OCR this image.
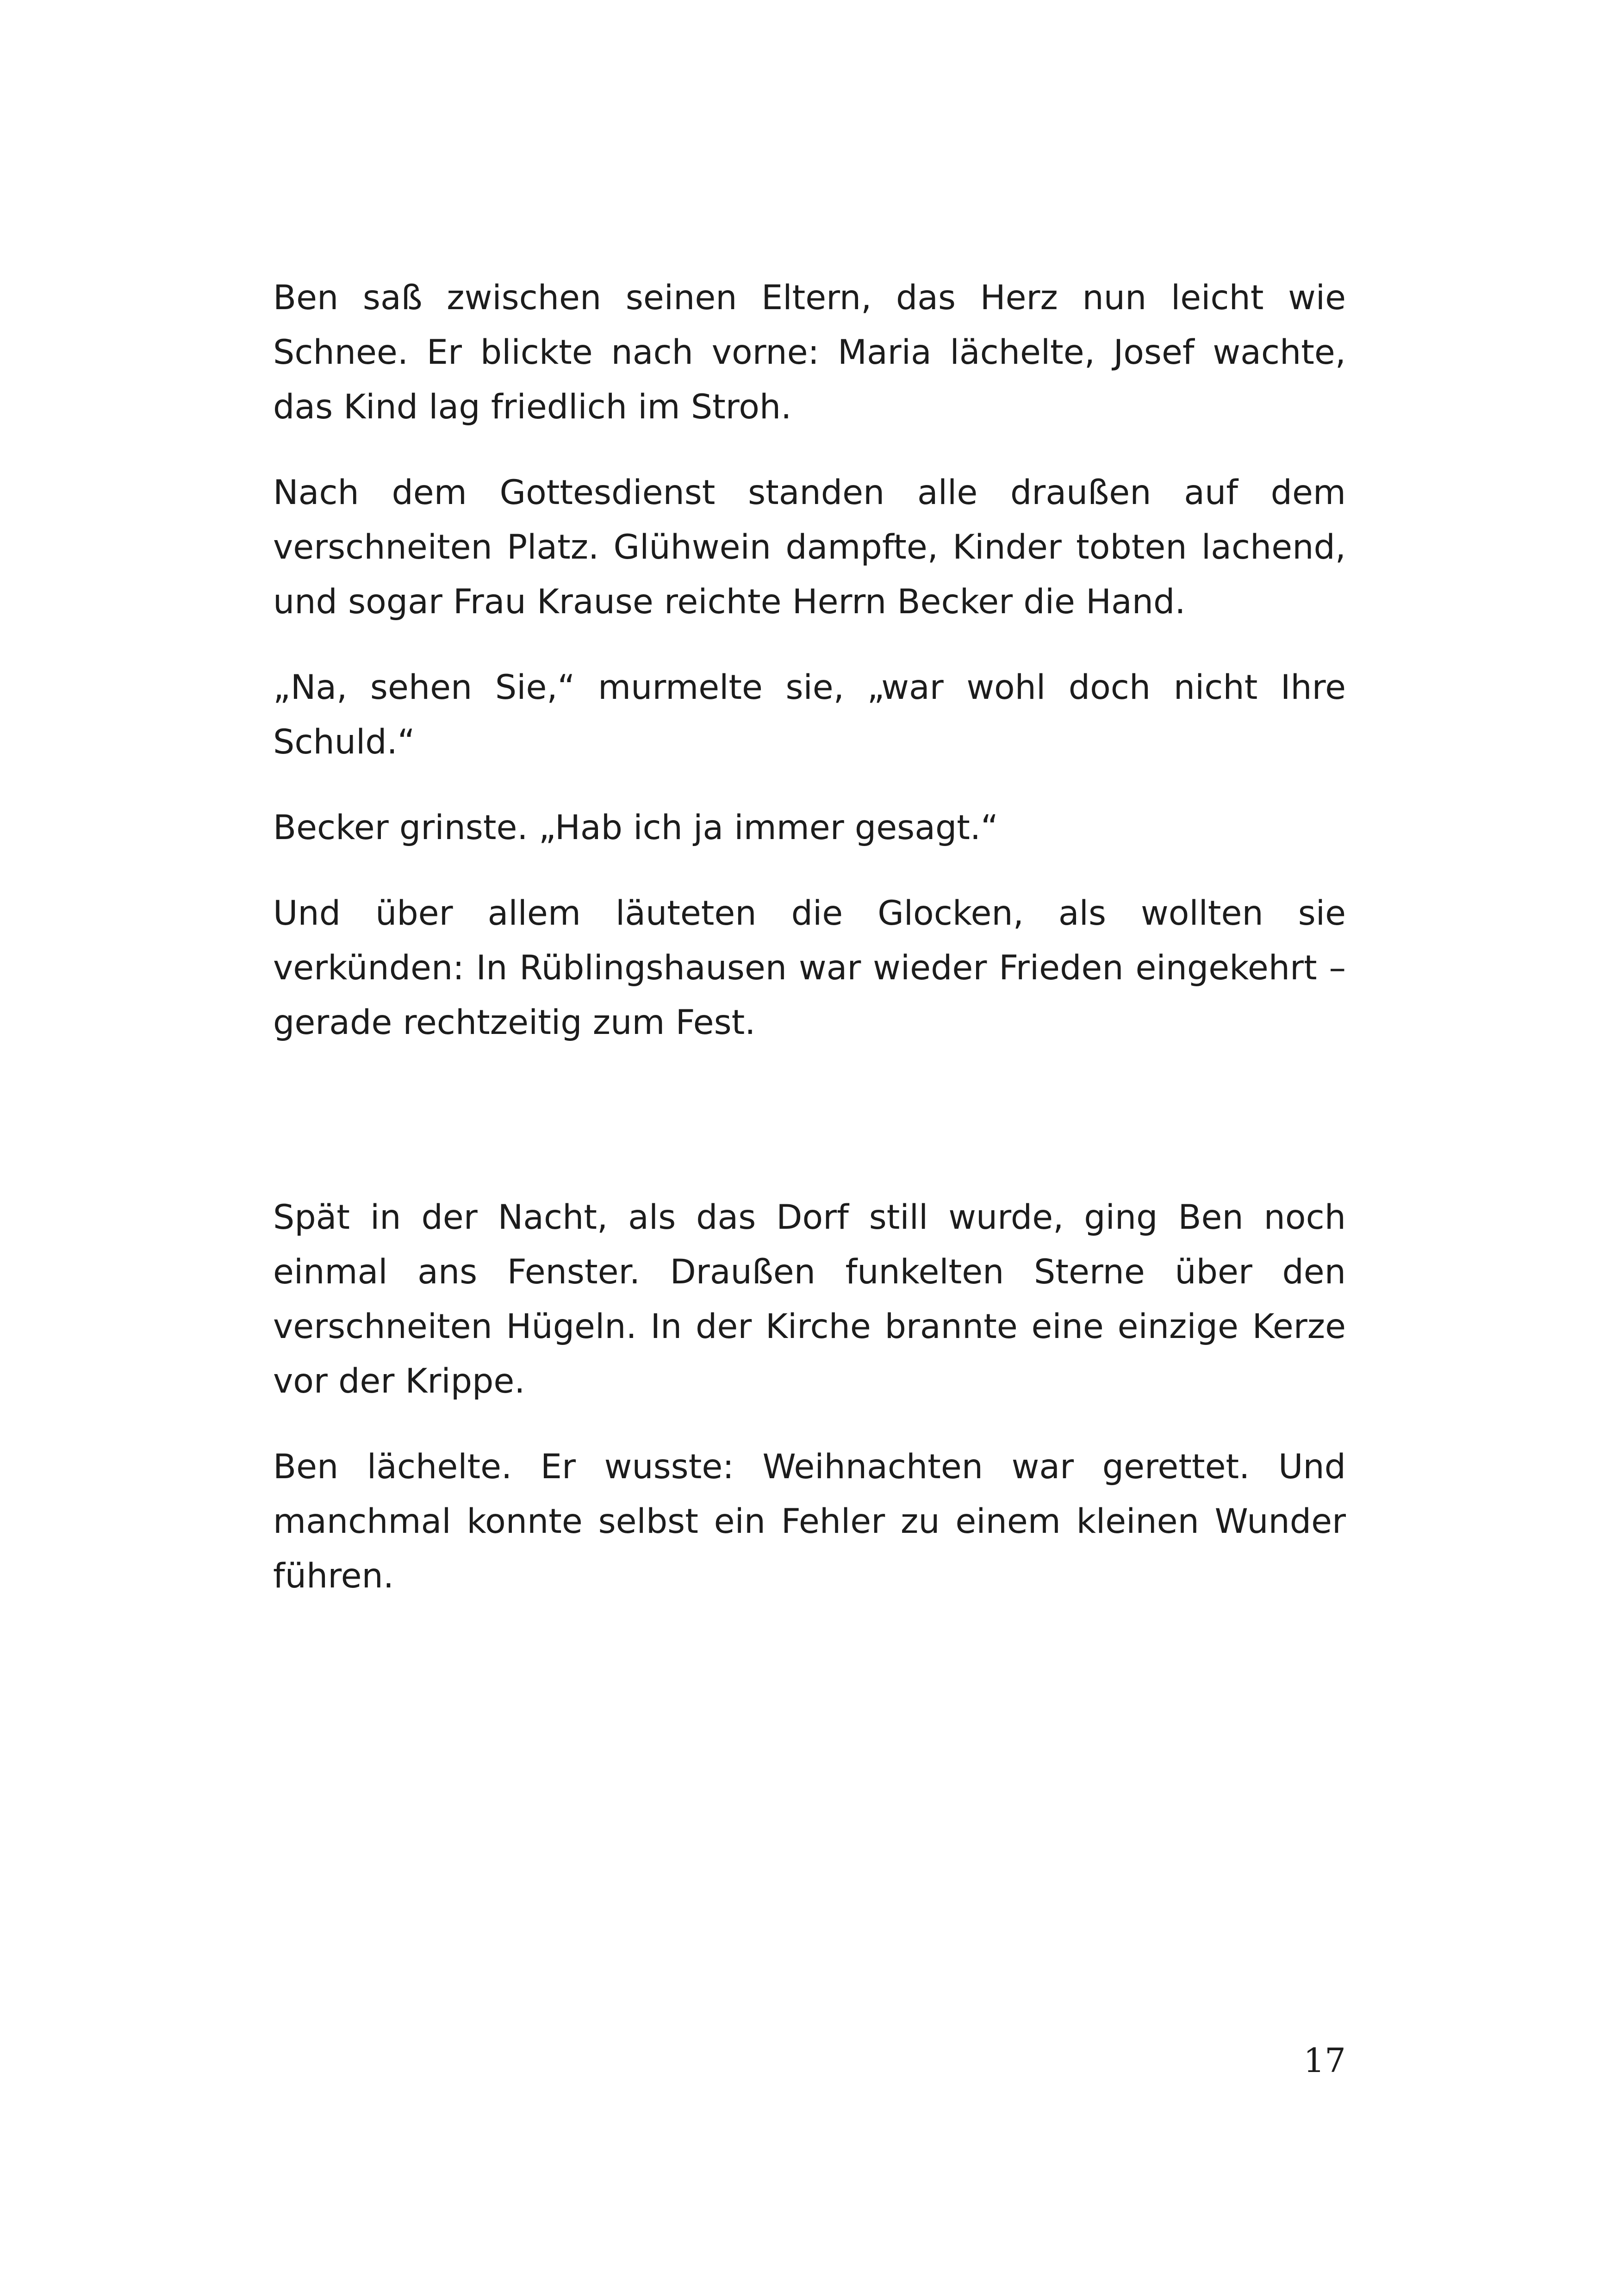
Ben saß zwischen seinen Eltern, das Herz nun leicht wie Schnee. Er blickte nach vorne: Maria lächelte, Josef wachte, das Kind lag friedlich im Stroh.

Nach dem Gottesdienst standen alle draußen auf dem verschneiten Platz. Glühwein dampfte, Kinder tobten lachend, und sogar Frau Krause reichte Herrn Becker die Hand.

„Na, sehen Sie,“ murmelte sie, „war wohl doch nicht Ihre Schuld.“

Becker grinste. „Hab ich ja immer gesagt.“

Und über allem läuteten die Glocken, als wollten sie verkünden: In Rüblingshausen war wieder Frieden eingekehrt – gerade rechtzeitig zum Fest.

Spät in der Nacht, als das Dorf still wurde, ging Ben noch einmal ans Fenster. Draußen funkelten Sterne über den verschneiten Hügeln. In der Kirche brannte eine einzige Kerze vor der Krippe.

Ben lächelte. Er wusste: Weihnachten war gerettet. Und manchmal konnte selbst ein Fehler zu einem kleinen Wunder führen.

17
